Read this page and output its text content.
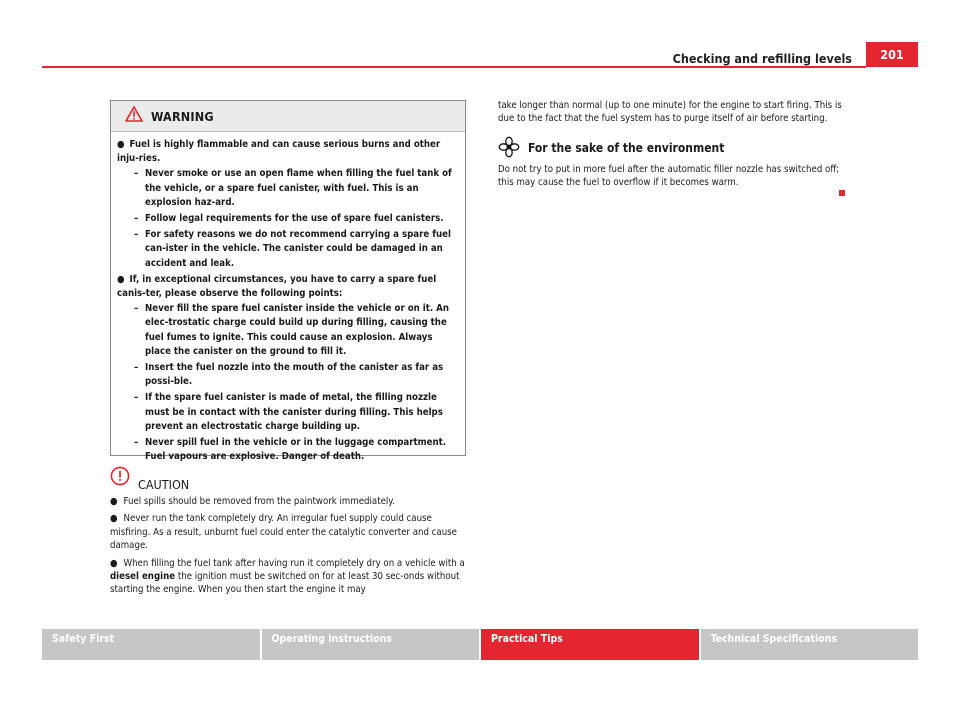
Checking and refilling levels	201
WARNING
● Fuel is highly flammable and can cause serious burns and other inju-ries.
– Never smoke or use an open flame when filling the fuel tank of the vehicle, or a spare fuel canister, with fuel. This is an explosion haz-ard.
– Follow legal requirements for the use of spare fuel canisters.
– For safety reasons we do not recommend carrying a spare fuel can-ister in the vehicle. The canister could be damaged in an accident and leak.
● If, in exceptional circumstances, you have to carry a spare fuel canis-ter, please observe the following points:
– Never fill the spare fuel canister inside the vehicle or on it. An elec-trostatic charge could build up during filling, causing the fuel fumes to ignite. This could cause an explosion. Always place the canister on the ground to fill it.
– Insert the fuel nozzle into the mouth of the canister as far as possi-ble.
– If the spare fuel canister is made of metal, the filling nozzle must be in contact with the canister during filling. This helps prevent an electrostatic charge building up.
– Never spill fuel in the vehicle or in the luggage compartment. Fuel vapours are explosive. Danger of death.
CAUTION

● Fuel spills should be removed from the paintwork immediately.

● Never run the tank completely dry. An irregular fuel supply could cause misfiring. As a result, unburnt fuel could enter the catalytic converter and cause damage.

● When filling the fuel tank after having run it completely dry on a vehicle with a diesel engine the ignition must be switched on for at least 30 sec-onds without starting the engine. When you then start the engine it may

take longer than normal (up to one minute) for the engine to start firing. This is due to the fact that the fuel system has to purge itself of air before starting.
For the sake of the environment
Do not try to put in more fuel after the automatic filler nozzle has switched off; this may cause the fuel to overflow if it becomes warm.
Safety First	Operating instructions	Practical Tips	Technical Specifications
